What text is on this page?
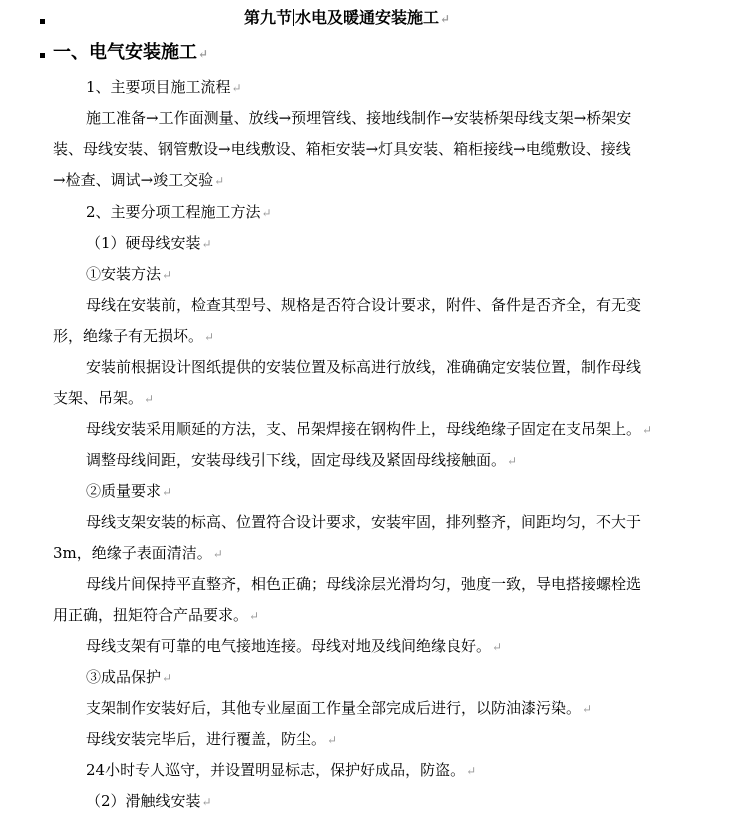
第九节 水电及暖通安装施工↵
一、电气安装施工↵
1、主要项目施工流程↵
施工准备→工作面测量、放线→预埋管线、接地线制作→安装桥架母线支架→桥架安
装、母线安装、钢管敷设→电线敷设、箱柜安装→灯具安装、箱柜接线→电缆敷设、接线
→检查、调试→竣工交验↵
2、主要分项工程施工方法↵
（1）硬母线安装↵
①安装方法↵
母线在安装前，检查其型号、规格是否符合设计要求，附件、备件是否齐全，有无变
形，绝缘子有无损坏。↵
安装前根据设计图纸提供的安装位置及标高进行放线，准确确定安装位置，制作母线
支架、吊架。↵
母线安装采用顺延的方法，支、吊架焊接在钢构件上，母线绝缘子固定在支吊架上。↵
调整母线间距，安装母线引下线，固定母线及紧固母线接触面。↵
②质量要求↵
母线支架安装的标高、位置符合设计要求，安装牢固，排列整齐，间距均匀，不大于
3m，绝缘子表面清洁。↵
母线片间保持平直整齐，相色正确；母线涂层光滑均匀，弛度一致，导电搭接螺栓选
用正确，扭矩符合产品要求。↵
母线支架有可靠的电气接地连接。母线对地及线间绝缘良好。↵
③成品保护↵
支架制作安装好后，其他专业屋面工作量全部完成后进行，以防油漆污染。↵
母线安装完毕后，进行覆盖，防尘。↵
24小时专人巡守，并设置明显标志，保护好成品，防盗。↵
（2）滑触线安装↵
